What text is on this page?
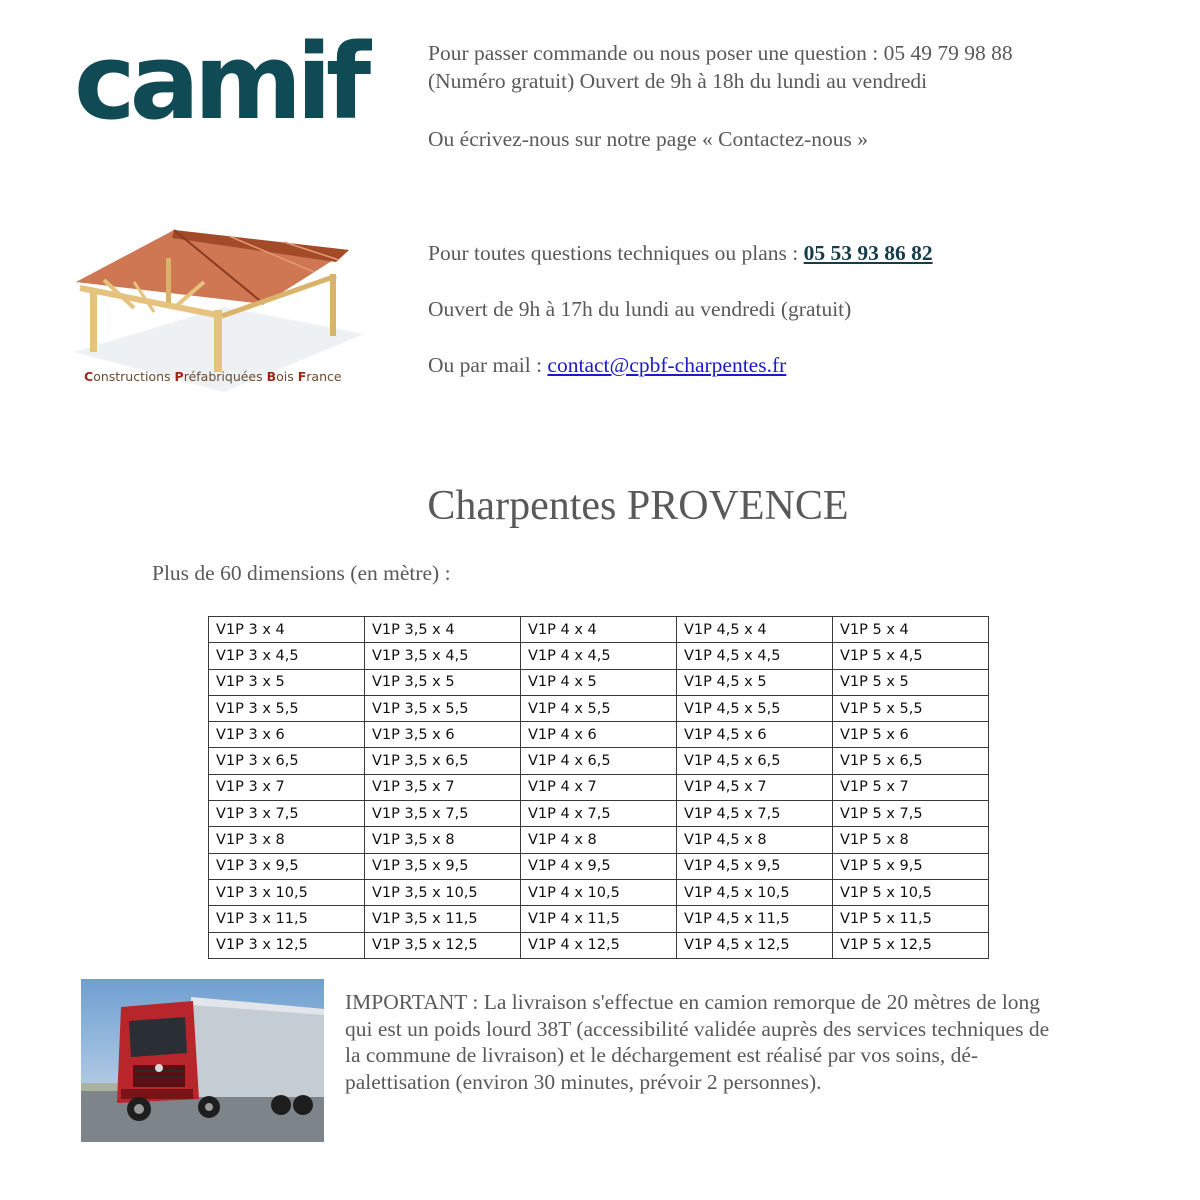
camif	Pour passer commande ou nous poser une question : 05 49 79 98 88

(Numéro gratuit) Ouvert de 9h à 18h du lundi au vendredi

Ou écrivez-nous sur notre page « Contactez-nous »

Constructions Préfabriquées Bois France

Pour toutes questions techniques ou plans : 05 53 93 86 82

Ouvert de 9h à 17h du lundi au vendredi (gratuit)

Ou par mail : contact@cpbf-charpentes.fr

Charpentes PROVENCE
Plus de 60 dimensions (en mètre) :
V1P 3 x 4	V1P 3,5 x 4	V1P 4 x 4	V1P 4,5 x 4	V1P 5 x 4
V1P 3 x 4,5	V1P 3,5 x 4,5	V1P 4 x 4,5	V1P 4,5 x 4,5	V1P 5 x 4,5
V1P 3 x 5	V1P 3,5 x 5	V1P 4 x 5	V1P 4,5 x 5	V1P 5 x 5
V1P 3 x 5,5	V1P 3,5 x 5,5	V1P 4 x 5,5	V1P 4,5 x 5,5	V1P 5 x 5,5
V1P 3 x 6	V1P 3,5 x 6	V1P 4 x 6	V1P 4,5 x 6	V1P 5 x 6
V1P 3 x 6,5	V1P 3,5 x 6,5	V1P 4 x 6,5	V1P 4,5 x 6,5	V1P 5 x 6,5
V1P 3 x 7	V1P 3,5 x 7	V1P 4 x 7	V1P 4,5 x 7	V1P 5 x 7
V1P 3 x 7,5	V1P 3,5 x 7,5	V1P 4 x 7,5	V1P 4,5 x 7,5	V1P 5 x 7,5
V1P 3 x 8	V1P 3,5 x 8	V1P 4 x 8	V1P 4,5 x 8	V1P 5 x 8
V1P 3 x 9,5	V1P 3,5 x 9,5	V1P 4 x 9,5	V1P 4,5 x 9,5	V1P 5 x 9,5
V1P 3 x 10,5	V1P 3,5 x 10,5	V1P 4 x 10,5	V1P 4,5 x 10,5	V1P 5 x 10,5
V1P 3 x 11,5	V1P 3,5 x 11,5	V1P 4 x 11,5	V1P 4,5 x 11,5	V1P 5 x 11,5
V1P 3 x 12,5	V1P 3,5 x 12,5	V1P 4 x 12,5	V1P 4,5 x 12,5	V1P 5 x 12,5

IMPORTANT : La livraison s'effectue en camion remorque de 20 mètres de long

qui est un poids lourd 38T (accessibilité validée auprès des services techniques de

la commune de livraison) et le déchargement est réalisé par vos soins, dé-

palettisation (environ 30 minutes, prévoir 2 personnes).
